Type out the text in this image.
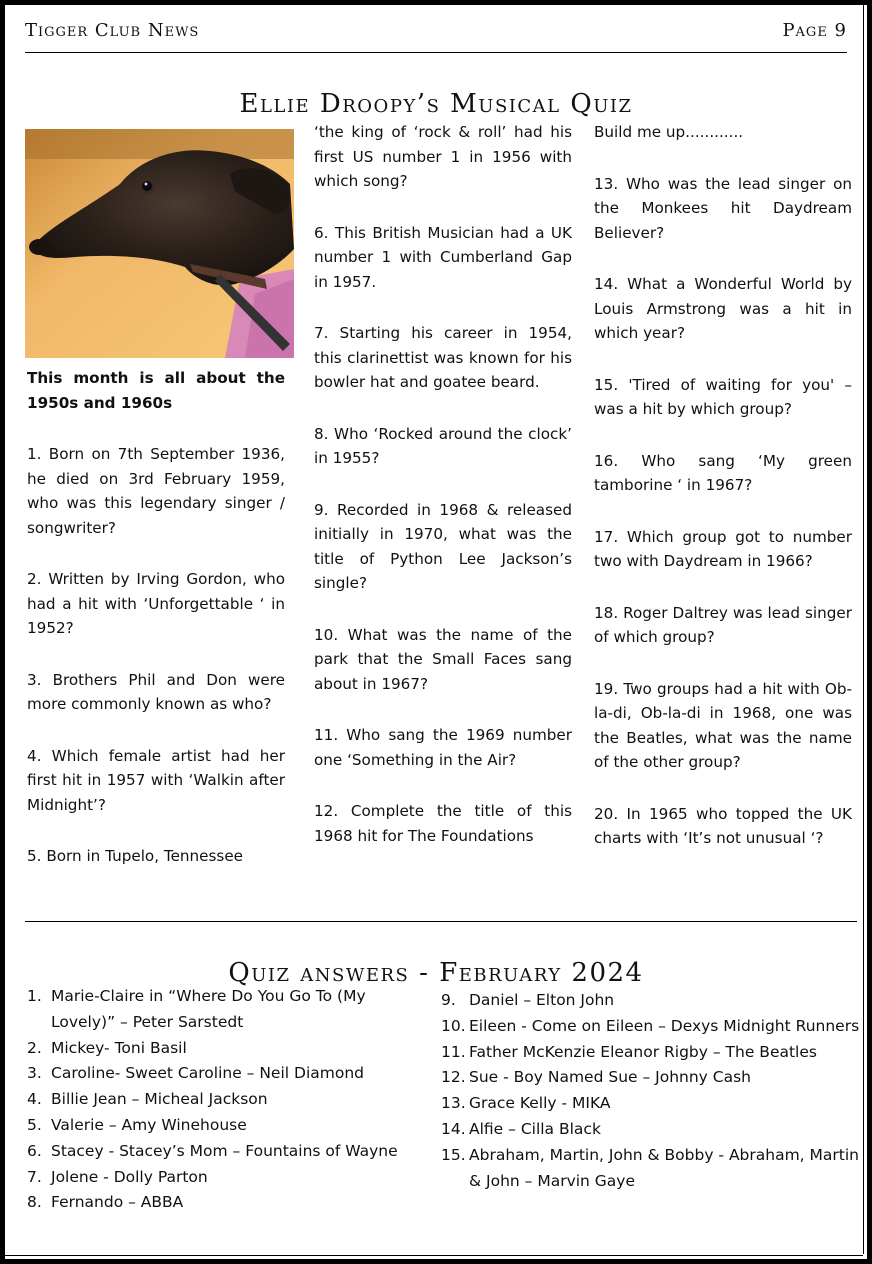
Tigger Club News	Page 9
Ellie Droopy’s Musical Quiz

This month is all about the 1950s and 1960s

1. Born on 7th September 1936, he died on 3rd February 1959, who was this legendary singer / songwriter?

2. Written by Irving Gordon, who had a hit with ‘Unforgettable ‘ in 1952?

3. Brothers Phil and Don were more commonly known as who?

4. Which female artist had her first hit in 1957 with ‘Walkin after Midnight’?

5. Born in Tupelo, Tennessee

‘the king of ‘rock & roll’ had his first US number 1 in 1956 with which song?

6. This British Musician had a UK number 1 with Cumberland Gap in 1957.

7. Starting his career in 1954, this clarinettist was known for his bowler hat and goatee beard.

8. Who ‘Rocked around the clock’ in 1955?

9. Recorded in 1968 & released initially in 1970, what was the title of Python Lee Jackson’s single?

10. What was the name of the park that the Small Faces sang about in 1967?

11. Who sang the 1969 number one ‘Something in the Air?

12. Complete the title of this 1968 hit for The Foundations

Build me up............

13. Who was the lead singer on the Monkees hit Daydream Believer?

14. What a Wonderful World by Louis Armstrong was a hit in which year?

15. 'Tired of waiting for you' – was a hit by which group?

16. Who sang ‘My green tamborine ‘ in 1967?

17. Which group got to number two with Daydream in 1966?

18. Roger Daltrey was lead singer of which group?

19. Two groups had a hit with Ob-la-di, Ob-la-di in 1968, one was the Beatles, what was the name of the other group?

20. In 1965 who topped the UK charts with ‘It’s not unusual ‘?

Quiz answers - February 2024
1. Marie-Claire in “Where Do You Go To (My Lovely)” – Peter Sarstedt
2. Mickey- Toni Basil
3. Caroline- Sweet Caroline – Neil Diamond
4. Billie Jean – Micheal Jackson
5. Valerie – Amy Winehouse
6. Stacey - Stacey’s Mom – Fountains of Wayne
7. Jolene - Dolly Parton
8. Fernando – ABBA
9. Daniel – Elton John
10. Eileen - Come on Eileen – Dexys Midnight Runners
11. Father McKenzie Eleanor Rigby – The Beatles
12. Sue - Boy Named Sue – Johnny Cash
13. Grace Kelly - MIKA
14. Alfie – Cilla Black
15. Abraham, Martin, John & Bobby - Abraham, Martin & John – Marvin Gaye
